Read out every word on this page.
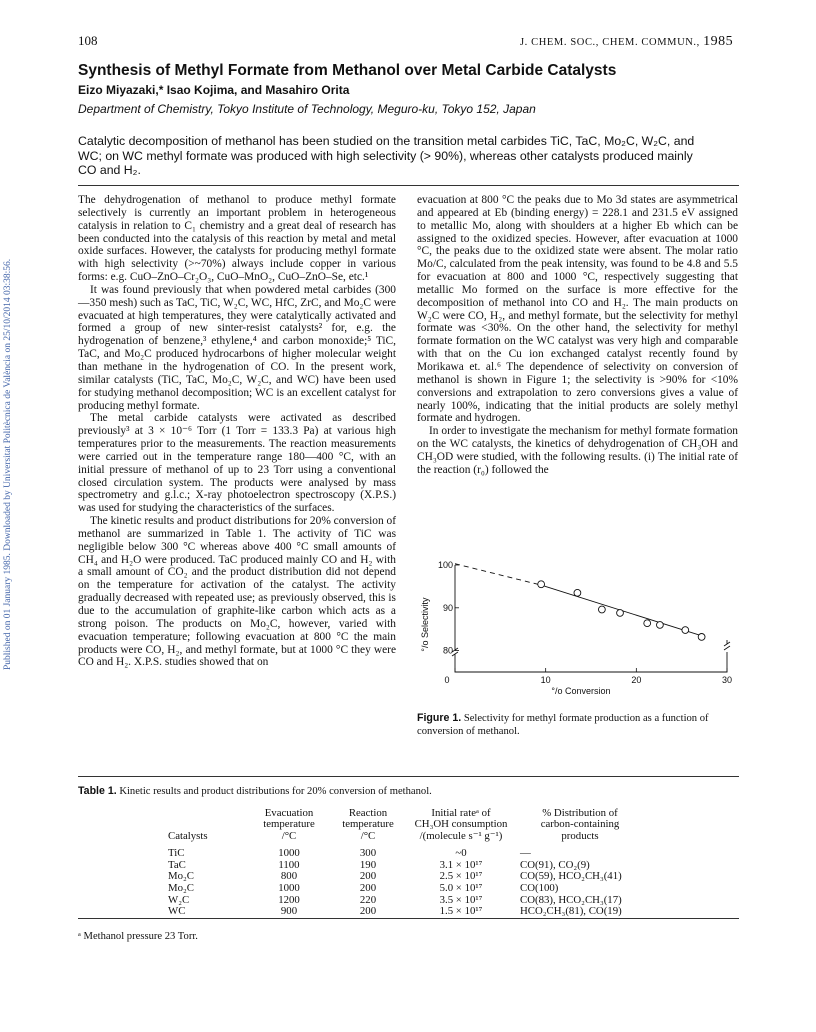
Published on 01 January 1985. Downloaded by Universitat Politècnica de València on 25/10/2014 03:38:56.
108	J. CHEM. SOC., CHEM. COMMUN., 1985
Synthesis of Methyl Formate from Methanol over Metal Carbide Catalysts
Eizo Miyazaki,* Isao Kojima, and Masahiro Orita
Department of Chemistry, Tokyo Institute of Technology, Meguro-ku, Tokyo 152, Japan
Catalytic decomposition of methanol has been studied on the transition metal carbides TiC, TaC, Mo₂C, W₂C, and
WC; on WC methyl formate was produced with high selectivity (> 90%), whereas other catalysts produced mainly
CO and H₂.

The dehydrogenation of methanol to produce methyl formate selectively is currently an important problem in heterogeneous catalysis in relation to C₁ chemistry and a great deal of research has been conducted into the catalysis of this reaction by metal and metal oxide surfaces. However, the catalysts for producing methyl formate with high selectivity (>~70%) always include copper in various forms: e.g. CuO–ZnO–Cr₂O₃, CuO–MnO₂, CuO–ZnO–Se, etc.¹

It was found previously that when powdered metal carbides (300—350 mesh) such as TaC, TiC, W₂C, WC, HfC, ZrC, and Mo₂C were evacuated at high temperatures, they were catalytically activated and formed a group of new sinter-resist catalysts² for, e.g. the hydrogenation of benzene,³ ethylene,⁴ and carbon monoxide;⁵ TiC, TaC, and Mo₂C produced hydrocarbons of higher molecular weight than methane in the hydrogenation of CO. In the present work, similar catalysts (TiC, TaC, Mo₂C, W₂C, and WC) have been used for studying methanol decomposition; WC is an excellent catalyst for producing methyl formate.

The metal carbide catalysts were activated as described previously³ at 3 × 10⁻⁶ Torr (1 Torr = 133.3 Pa) at various high temperatures prior to the measurements. The reaction measurements were carried out in the temperature range 180—400 °C, with an initial pressure of methanol of up to 23 Torr using a conventional closed circulation system. The products were analysed by mass spectrometry and g.l.c.; X-ray photoelectron spectroscopy (X.P.S.) was used for studying the characteristics of the surfaces.

The kinetic results and product distributions for 20% conversion of methanol are summarized in Table 1. The activity of TiC was negligible below 300 °C whereas above 400 °C small amounts of CH₄ and H₂O were produced. TaC produced mainly CO and H₂ with a small amount of CO₂ and the product distribution did not depend on the temperature for activation of the catalyst. The activity gradually decreased with repeated use; as previously observed, this is due to the accumulation of graphite-like carbon which acts as a strong poison. The products on Mo₂C, however, varied with evacuation temperature; following evacuation at 800 °C the main products were CO, H₂, and methyl formate, but at 1000 °C they were CO and H₂. X.P.S. studies showed that on

evacuation at 800 °C the peaks due to Mo 3d states are asymmetrical and appeared at Eb (binding energy) = 228.1 and 231.5 eV assigned to metallic Mo, along with shoulders at a higher Eb which can be assigned to the oxidized species. However, after evacuation at 1000 °C, the peaks due to the oxidized state were absent. The molar ratio Mo/C, calculated from the peak intensity, was found to be 4.8 and 5.5 for evacuation at 800 and 1000 °C, respectively suggesting that metallic Mo formed on the surface is more effective for the decomposition of methanol into CO and H₂. The main products on W₂C were CO, H₂, and methyl formate, but the selectivity for methyl formate was <30%. On the other hand, the selectivity for methyl formate formation on the WC catalyst was very high and comparable with that on the Cu ion exchanged catalyst recently found by Morikawa et. al.⁶ The dependence of selectivity on conversion of methanol is shown in Figure 1; the selectivity is >90% for <10% conversions and extrapolation to zero conversions gives a value of nearly 100%, indicating that the initial products are solely methyl formate and hydrogen.

In order to investigate the mechanism for methyl formate formation on the WC catalysts, the kinetics of dehydrogenation of CH₃OH and CH₃OD were studied, with the following results. (i) The initial rate of the reaction (r₀) followed the

80
90
100
0	10	20	30
°/o Conversion
°/o Selectivity
Figure 1. Selectivity for methyl formate production as a function of conversion of methanol.
Table 1. Kinetic results and product distributions for 20% conversion of methanol.
	Evacuation	Reaction	Initial rateᵃ of	% Distribution of
	temperature	temperature	CH₃OH consumption	carbon-containing
Catalysts	/°C	/°C	/(molecule s⁻¹ g⁻¹)	products

TiC	1000	300	~0	—
TaC	1100	190	3.1 × 10¹⁷	CO(91), CO₂(9)
Mo₂C	800	200	2.5 × 10¹⁷	CO(59), HCO₂CH₃(41)
Mo₂C	1000	200	5.0 × 10¹⁷	CO(100)
W₂C	1200	220	3.5 × 10¹⁷	CO(83), HCO₂CH₃(17)
WC	900	200	1.5 × 10¹⁷	HCO₂CH₃(81), CO(19)
ᵃ Methanol pressure 23 Torr.
